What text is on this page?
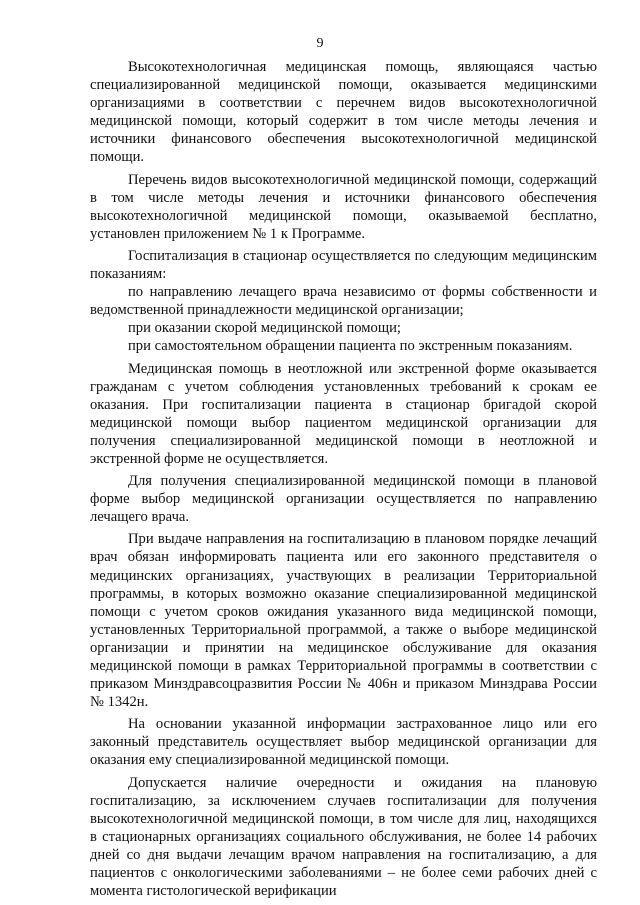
9

Высокотехнологичная медицинская помощь, являющаяся частью специализированной медицинской помощи, оказывается медицинскими организациями в соответствии с перечнем видов высокотехнологичной медицинской помощи, который содержит в том числе методы лечения и источники финансового обеспечения высокотехнологичной медицинской помощи.

Перечень видов высокотехнологичной медицинской помощи, содержащий в том числе методы лечения и источники финансового обеспечения высокотехнологичной медицинской помощи, оказываемой бесплатно, установлен приложением № 1 к Программе.

Госпитализация в стационар осуществляется по следующим медицинским показаниям:

по направлению лечащего врача независимо от формы собственности и ведомственной принадлежности медицинской организации;

при оказании скорой медицинской помощи;

при самостоятельном обращении пациента по экстренным показаниям.

Медицинская помощь в неотложной или экстренной форме оказывается гражданам с учетом соблюдения установленных требований к срокам ее оказания. При госпитализации пациента в стационар бригадой скорой медицинской помощи выбор пациентом медицинской организации для получения специализированной медицинской помощи в неотложной и экстренной форме не осуществляется.

Для получения специализированной медицинской помощи в плановой форме выбор медицинской организации осуществляется по направлению лечащего врача.

При выдаче направления на госпитализацию в плановом порядке лечащий врач обязан информировать пациента или его законного представителя о медицинских организациях, участвующих в реализации Территориальной программы, в которых возможно оказание специализированной медицинской помощи с учетом сроков ожидания указанного вида медицинской помощи, установленных Территориальной программой, а также о выборе медицинской организации и принятии на медицинское обслуживание для оказания медицинской помощи в рамках Территориальной программы в соответствии с приказом Минздравсоцразвития России № 406н и приказом Минздрава России № 1342н.

На основании указанной информации застрахованное лицо или его законный представитель осуществляет выбор медицинской организации для оказания ему специализированной медицинской помощи.

Допускается наличие очередности и ожидания на плановую госпитализацию, за исключением случаев госпитализации для получения высокотехнологичной медицинской помощи, в том числе для лиц, находящихся в стационарных организациях социального обслуживания, не более 14 рабочих дней со дня выдачи лечащим врачом направления на госпитализацию, а для пациентов с онкологическими заболеваниями – не более семи рабочих дней с момента гистологической верификации
